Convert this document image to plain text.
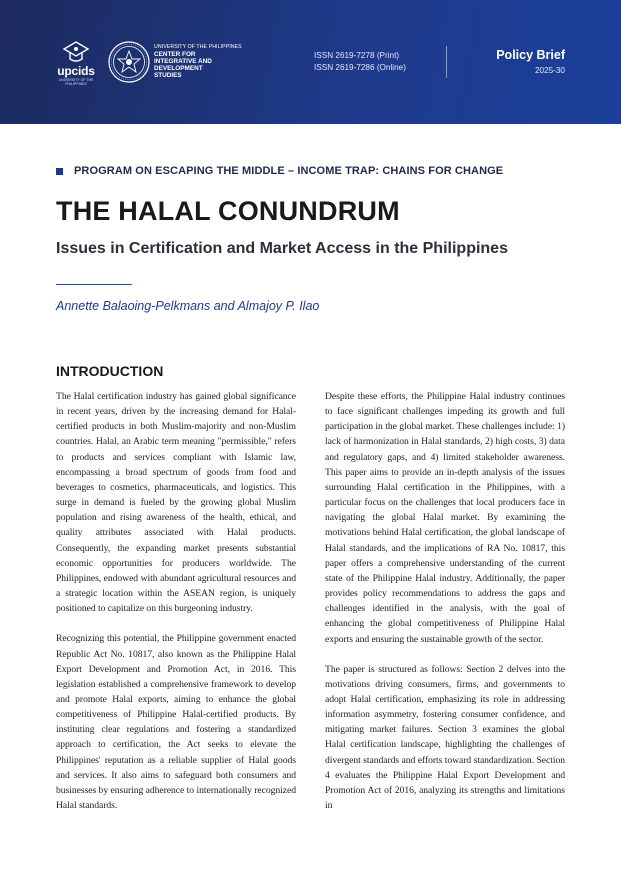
upcids
UNIVERSITY OF THE PHILIPPINES
UNIVERSITY OF THE PHILIPPINES
CENTER FOR
INTEGRATIVE AND
DEVELOPMENT
STUDIES
ISSN 2619-7278 (Print)
ISSN 2619-7286 (Online)
Policy Brief
2025-30
PROGRAM ON ESCAPING THE MIDDLE – INCOME TRAP: CHAINS FOR CHANGE
THE HALAL CONUNDRUM
Issues in Certification and Market Access in the Philippines
Annette Balaoing-Pelkmans and Almajoy P. Ilao
INTRODUCTION

The Halal certification industry has gained global significance in recent years, driven by the increasing demand for Halal-certified products in both Muslim-majority and non-Muslim countries. Halal, an Arabic term meaning "permissible," refers to products and services compliant with Islamic law, encompassing a broad spectrum of goods from food and beverages to cosmetics, pharmaceuticals, and logistics. This surge in demand is fueled by the growing global Muslim population and rising awareness of the health, ethical, and quality attributes associated with Halal products. Consequently, the expanding market presents substantial economic opportunities for producers worldwide. The Philippines, endowed with abundant agricultural resources and a strategic location within the ASEAN region, is uniquely positioned to capitalize on this burgeoning industry.

Recognizing this potential, the Philippine government enacted Republic Act No. 10817, also known as the Philippine Halal Export Development and Promotion Act, in 2016. This legislation established a comprehensive framework to develop and promote Halal exports, aiming to enhance the global competitiveness of Philippine Halal-certified products. By instituting clear regulations and fostering a standardized approach to certification, the Act seeks to elevate the Philippines' reputation as a reliable supplier of Halal goods and services. It also aims to safeguard both consumers and businesses by ensuring adherence to internationally recognized Halal standards.

Despite these efforts, the Philippine Halal industry continues to face significant challenges impeding its growth and full participation in the global market. These challenges include: 1) lack of harmonization in Halal standards, 2) high costs, 3) data and regulatory gaps, and 4) limited stakeholder awareness. This paper aims to provide an in-depth analysis of the issues surrounding Halal certification in the Philippines, with a particular focus on the challenges that local producers face in navigating the global Halal market. By examining the motivations behind Halal certification, the global landscape of Halal standards, and the implications of RA No. 10817, this paper offers a comprehensive understanding of the current state of the Philippine Halal industry. Additionally, the paper provides policy recommendations to address the gaps and challenges identified in the analysis, with the goal of enhancing the global competitiveness of Philippine Halal exports and ensuring the sustainable growth of the sector.

The paper is structured as follows: Section 2 delves into the motivations driving consumers, firms, and governments to adopt Halal certification, emphasizing its role in addressing information asymmetry, fostering consumer confidence, and mitigating market failures. Section 3 examines the global Halal certification landscape, highlighting the challenges of divergent standards and efforts toward standardization. Section 4 evaluates the Philippine Halal Export Development and Promotion Act of 2016, analyzing its strengths and limitations in
